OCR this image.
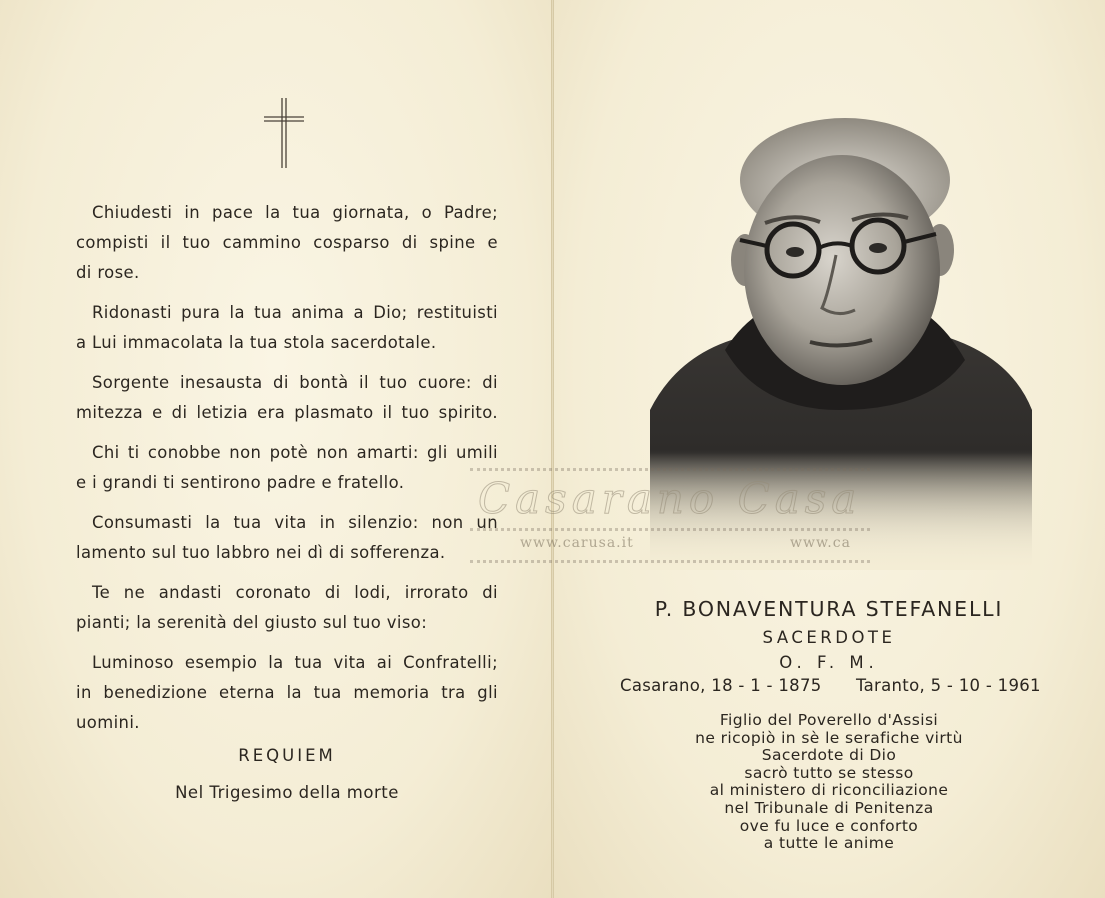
Chiudesti in pace la tua giornata, o Padre;
compisti il tuo cammino cosparso di spine e
di rose.
Ridonasti pura la tua anima a Dio; restituisti
a Lui immacolata la tua stola sacerdotale.
Sorgente inesausta di bontà il tuo cuore: di
mitezza e di letizia era plasmato il tuo spirito.
Chi ti conobbe non potè non amarti: gli umili
e i grandi ti sentirono padre e fratello.
Consumasti la tua vita in silenzio: non un
lamento sul tuo labbro nei dì di sofferenza.
Te ne andasti coronato di lodi, irrorato di
pianti; la serenità del giusto sul tuo viso:
Luminoso esempio la tua vita ai Confratelli;
in benedizione eterna la tua memoria tra gli
uomini.
REQUIEM
Nel Trigesimo della morte
Casarano Casa
www.carusa.it	www.ca
P. BONAVENTURA STEFANELLI
SACERDOTE
O. F. M.
Casarano, 18 - 1 - 1875 Taranto, 5 - 10 - 1961
Figlio del Poverello d'Assisi
ne ricopiò in sè le serafiche virtù
Sacerdote di Dio
sacrò tutto se stesso
al ministero di riconciliazione
nel Tribunale di Penitenza
ove fu luce e conforto
a tutte le anime
